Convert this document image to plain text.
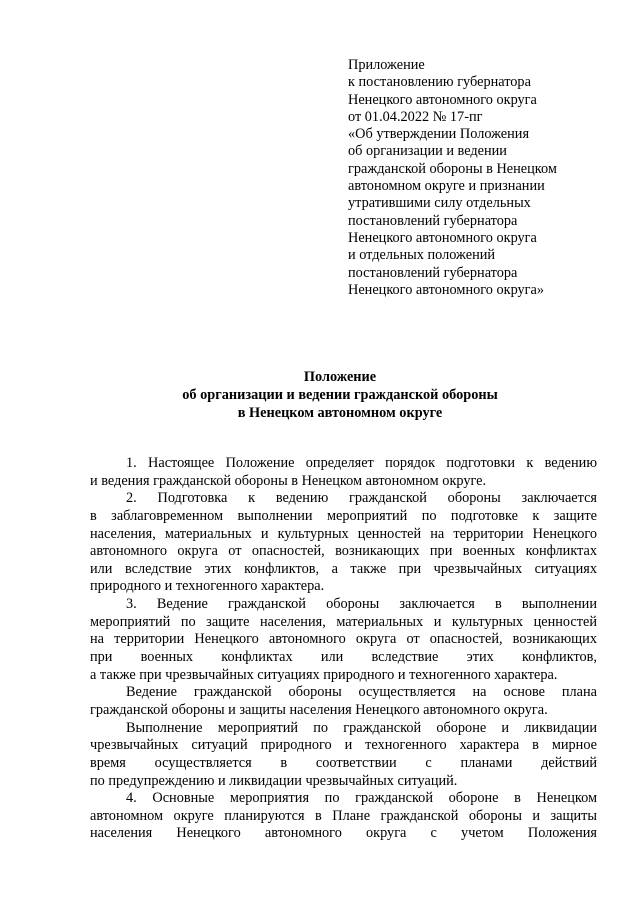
Приложение
к постановлению губернатора
Ненецкого автономного округа
от 01.04.2022 № 17-пг
«Об утверждении Положения
об организации и ведении
гражданской обороны в Ненецком
автономном округе и признании
утратившими силу отдельных
постановлений губернатора
Ненецкого автономного округа
и отдельных положений
постановлений губернатора
Ненецкого автономного округа»
Положение
об организации и ведении гражданской обороны
в Ненецком автономном округе
1. Настоящее Положение определяет порядок подготовки к ведению
и ведения гражданской обороны в Ненецком автономном округе.
2. Подготовка к ведению гражданской обороны заключается
в заблаговременном выполнении мероприятий по подготовке к защите
населения, материальных и культурных ценностей на территории Ненецкого
автономного округа от опасностей, возникающих при военных конфликтах
или вследствие этих конфликтов, а также при чрезвычайных ситуациях
природного и техногенного характера.
3. Ведение гражданской обороны заключается в выполнении
мероприятий по защите населения, материальных и культурных ценностей
на территории Ненецкого автономного округа от опасностей, возникающих
при военных конфликтах или вследствие этих конфликтов,
а также при чрезвычайных ситуациях природного и техногенного характера.
Ведение гражданской обороны осуществляется на основе плана
гражданской обороны и защиты населения Ненецкого автономного округа.
Выполнение мероприятий по гражданской обороне и ликвидации
чрезвычайных ситуаций природного и техногенного характера в мирное
время осуществляется в соответствии с планами действий
по предупреждению и ликвидации чрезвычайных ситуаций.
4. Основные мероприятия по гражданской обороне в Ненецком
автономном округе планируются в Плане гражданской обороны и защиты
населения Ненецкого автономного округа с учетом Положения
